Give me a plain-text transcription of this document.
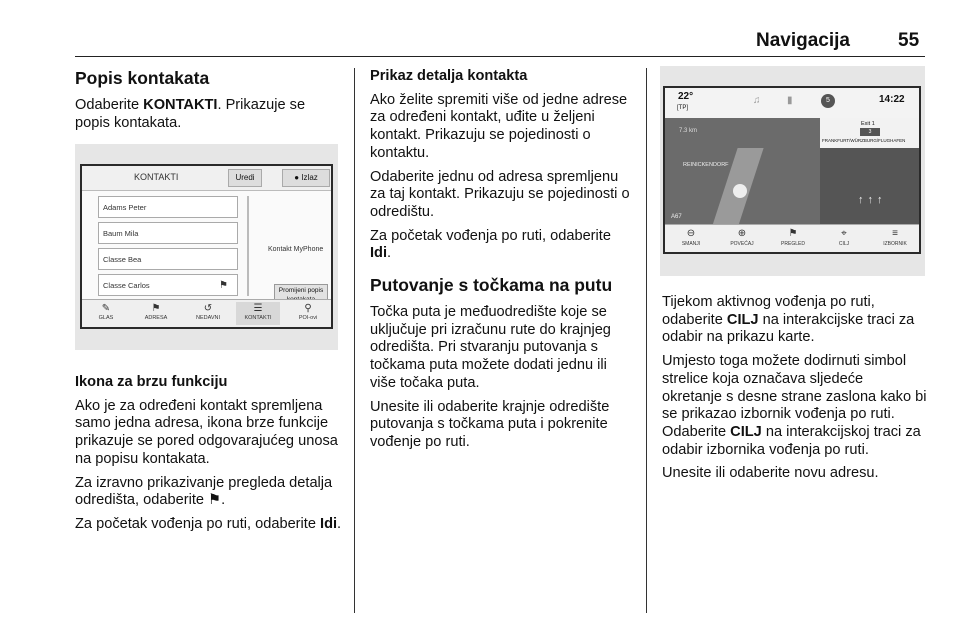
Navigacija	55
Popis kontakata

Odaberite KONTAKTI. Prikazuje se popis kontakata.

KONTAKTI	Uredi	● Izlaz
Adams Peter
Baum Mila
Classe Bea
Classe Carlos	⚑
Kontakt MyPhone
Promijeni popis
✎
GLAS
⚑
ADRESA
↺
NEDAVNI
☰
KONTAKTI
⚲
POI-ovi

Ikona za brzu funkciju

Ako je za određeni kontakt spremljena samo jedna adresa, ikona brze funkcije prikazuje se pored odgovarajućeg unosa na popisu kontakata.

Za izravno prikazivanje pregleda detalja odredišta, odaberite ⚑.

Za početak vođenja po ruti, odaberite Idi.

Prikaz detalja kontakta

Ako želite spremiti više od jedne adrese za određeni kontakt, uđite u željeni kontakt. Prikazuju se pojedinosti o kontaktu.

Odaberite jednu od adresa spremljenu za taj kontakt. Prikazuju se pojedinosti o odredištu.

Za početak vođenja po ruti, odaberite Idi.

Putovanje s točkama na putu

Točka puta je međuodredište koje se uključuje pri izračunu rute do krajnjeg odredišta. Pri stvaranju putovanja s točkama puta možete dodati jednu ili više točaka puta.

Unesite ili odaberite krajnje odredište putovanja s točkama puta i pokrenite vođenje po ruti.

22°
[TP]
♫	▮	5	14:22
7.3 km
REINICKENDORF
A67
Exit 1
3
FRANKFURT/WÜRZBURG/FLUGHAFEN
↑↑↑
⊖
SMANJI
⊕
POVEĆAJ
⚑
PREGLED
⌖
CILJ
≡
IZBORNIK

Tijekom aktivnog vođenja po ruti, odaberite CILJ na interakcijske traci za odabir na prikazu karte.

Umjesto toga možete dodirnuti simbol strelice koja označava sljedeće okretanje s desne strane zaslona kako bi se prikazao izbornik vođenja po ruti. Odaberite CILJ na interakcijskoj traci za odabir izbornika vođenja po ruti.

Unesite ili odaberite novu adresu.
